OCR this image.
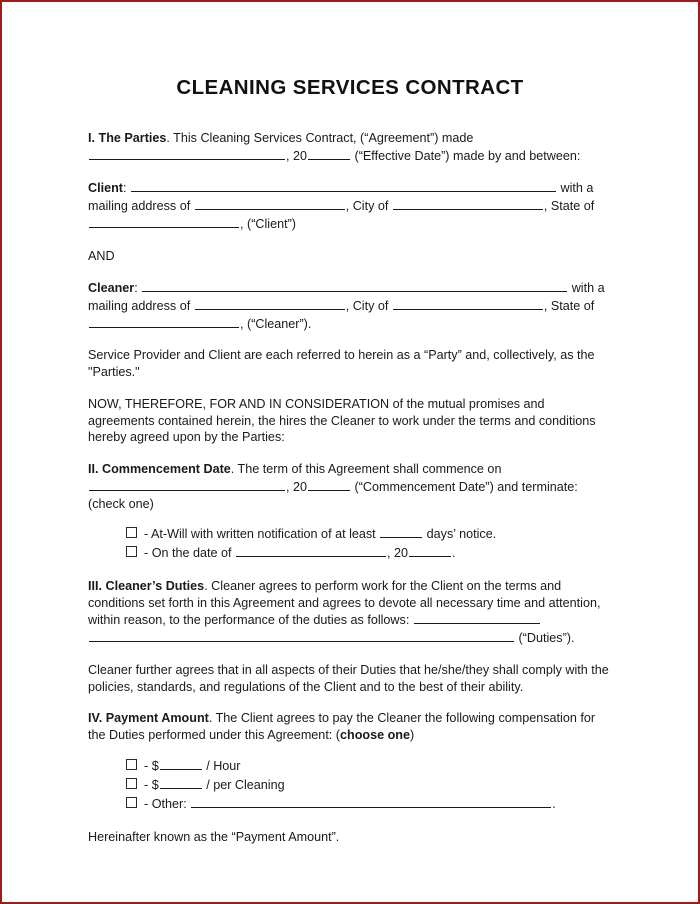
CLEANING SERVICES CONTRACT

I. The Parties. This Cleaning Services Contract, (“Agreement”) made
, 20	(“Effective Date”) made by and between:

Client:	with a mailing address of	, City of	, State of , (“Client”)

AND

Cleaner:	with a mailing address of	, City of	, State of , (“Cleaner”).

Service Provider and Client are each referred to herein as a “Party” and, collectively, as the "Parties."

NOW, THEREFORE, FOR AND IN CONSIDERATION of the mutual promises and agreements contained herein, the hires the Cleaner to work under the terms and conditions hereby agreed upon by the Parties:

II. Commencement Date. The term of this Agreement shall commence on
, 20	(“Commencement Date”) and terminate: (check one)

- At-Will with written notification of at least	days’ notice.
- On the date of	, 20	.

III. Cleaner’s Duties. Cleaner agrees to perform work for the Client on the terms and conditions set forth in this Agreement and agrees to devote all necessary time and attention, within reason, to the performance of the duties as follows:
(“Duties”).

Cleaner further agrees that in all aspects of their Duties that he/she/they shall comply with the policies, standards, and regulations of the Client and to the best of their ability.

IV. Payment Amount. The Client agrees to pay the Cleaner the following compensation for the Duties performed under this Agreement: (choose one)

- $	/ Hour
- $	/ per Cleaning
- Other:	.

Hereinafter known as the “Payment Amount”.
